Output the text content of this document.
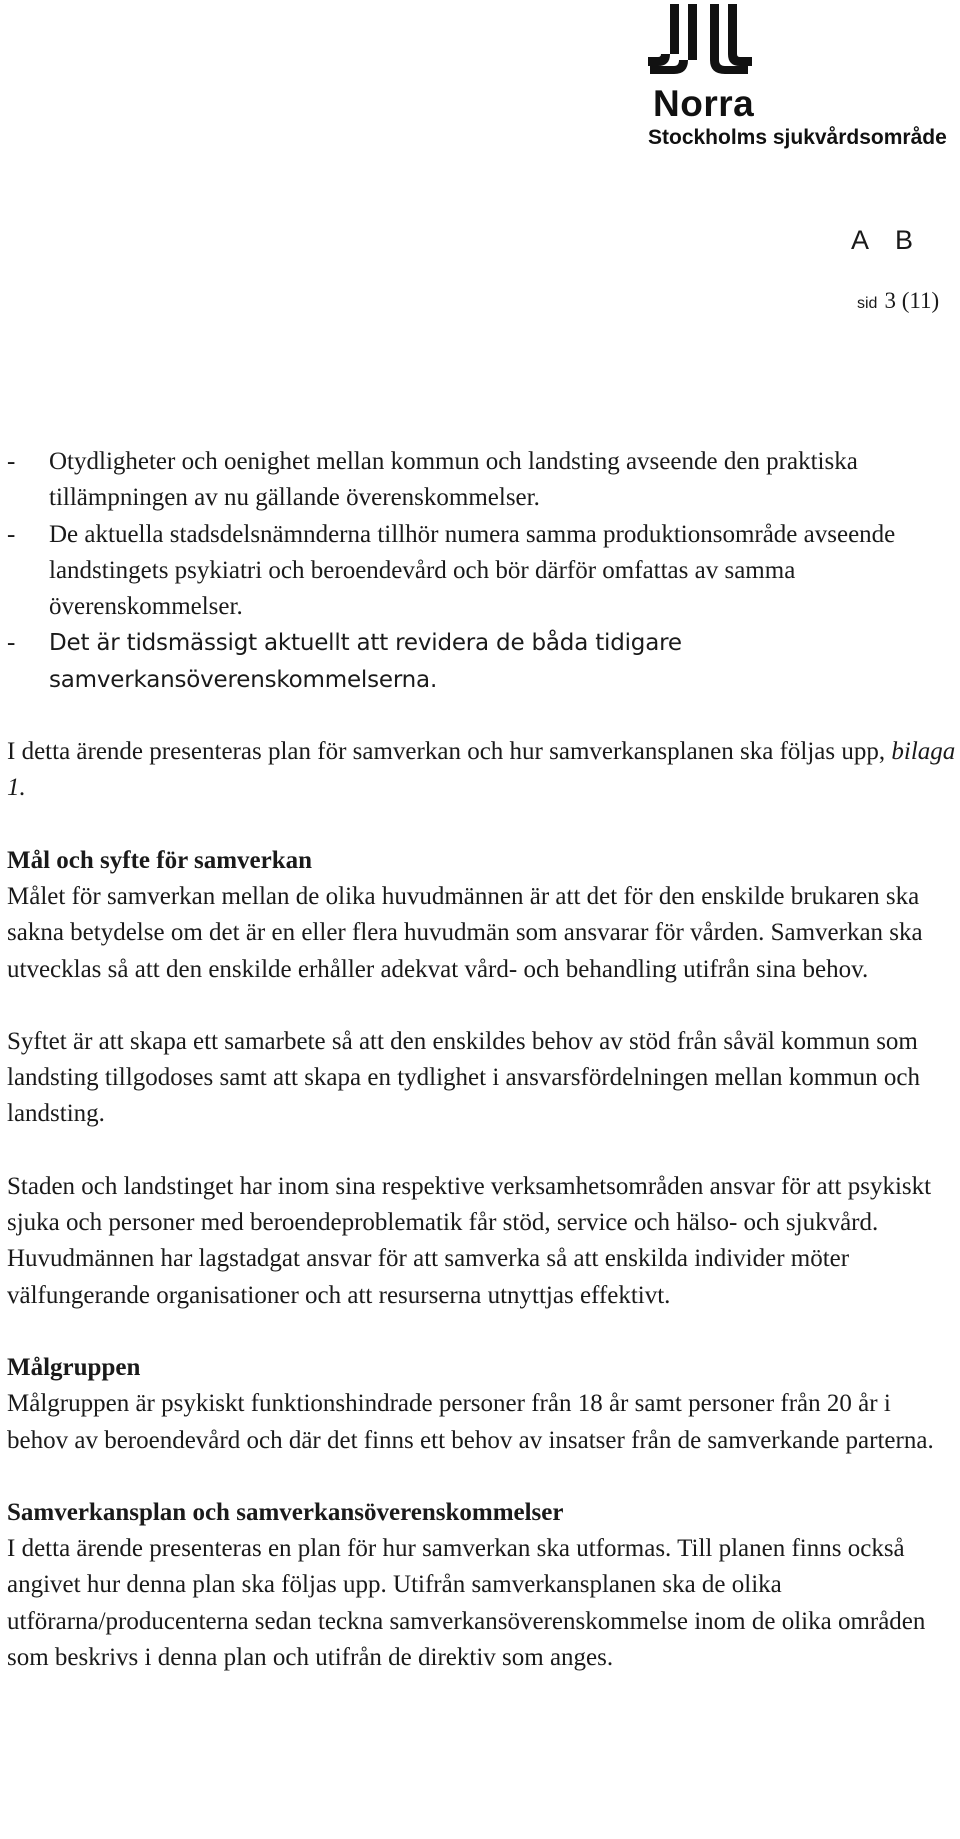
Norra
Stockholms sjukvårdsområde
A B
sid 3 (11)
- Otydligheter och oenighet mellan kommun och landsting avseende den praktiska tillämpningen av nu gällande överenskommelser.
- De aktuella stadsdelsnämnderna tillhör numera samma produktionsområde avseende landstingets psykiatri och beroendevård och bör därför omfattas av samma överenskommelser.
- Det är tidsmässigt aktuellt att revidera de båda tidigare samverkansöverenskommelserna.

I detta ärende presenteras plan för samverkan och hur samverkansplanen ska följas upp, bilaga 1.

Mål och syfte för samverkan

Målet för samverkan mellan de olika huvudmännen är att det för den enskilde brukaren ska sakna betydelse om det är en eller flera huvudmän som ansvarar för vården. Samverkan ska utvecklas så att den enskilde erhåller adekvat vård- och behandling utifrån sina behov.

Syftet är att skapa ett samarbete så att den enskildes behov av stöd från såväl kommun som landsting tillgodoses samt att skapa en tydlighet i ansvarsfördelningen mellan kommun och landsting.

Staden och landstinget har inom sina respektive verksamhetsområden ansvar för att psykiskt sjuka och personer med beroendeproblematik får stöd, service och hälso- och sjukvård. Huvudmännen har lagstadgat ansvar för att samverka så att enskilda individer möter välfungerande organisationer och att resurserna utnyttjas effektivt.

Målgruppen

Målgruppen är psykiskt funktionshindrade personer från 18 år samt personer från 20 år i behov av beroendevård och där det finns ett behov av insatser från de samverkande parterna.

Samverkansplan och samverkansöverenskommelser

I detta ärende presenteras en plan för hur samverkan ska utformas. Till planen finns också angivet hur denna plan ska följas upp. Utifrån samverkansplanen ska de olika utförarna/producenterna sedan teckna samverkansöverenskommelse inom de olika områden som beskrivs i denna plan och utifrån de direktiv som anges.
